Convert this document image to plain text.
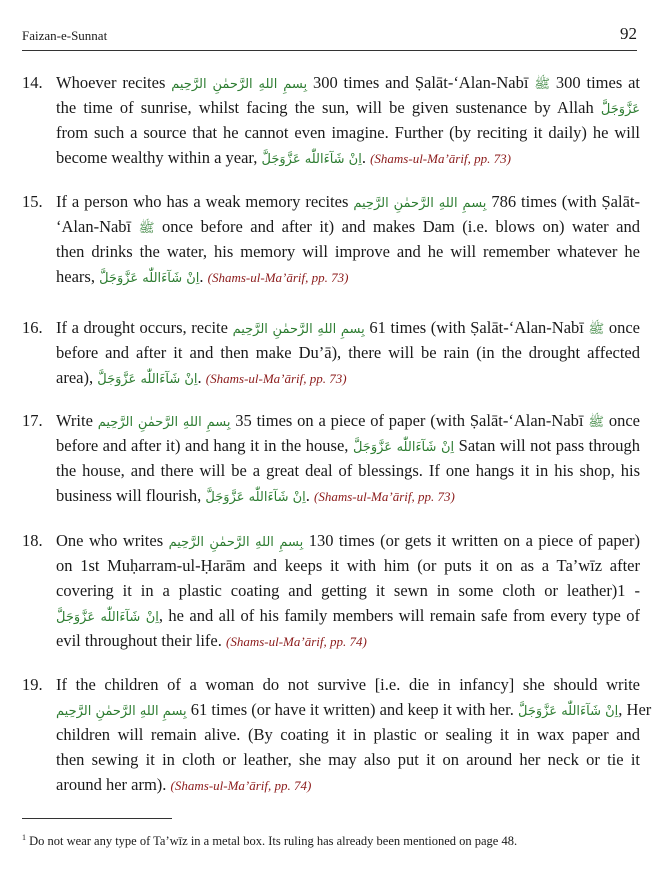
Faizan-e-Sunnat	92
14. Whoever recites بِسمِ اللهِ الرَّحمٰنِ الرَّحِيم 300 times and Ṣalāt-‘Alan-Nabī ﷺ 300 times at
the time of sunrise, whilst facing the sun, will be given sustenance by Allah عَزَّوَجَلَّ
from such a source that he cannot even imagine. Further (by reciting it daily) he will
become wealthy within a year, اِنْ شَآءَاللّٰه عَزَّوَجَلَّ. (Shams-ul-Ma’ārif, pp. 73)
15. If a person who has a weak memory recites بِسمِ اللهِ الرَّحمٰنِ الرَّحِيم 786 times (with Ṣalāt-
‘Alan-Nabī ﷺ once before and after it) and makes Dam (i.e. blows on) water and
then drinks the water, his memory will improve and he will remember whatever he
hears, اِنْ شَآءَاللّٰه عَزَّوَجَلَّ. (Shams-ul-Ma’ārif, pp. 73)
16. If a drought occurs, recite بِسمِ اللهِ الرَّحمٰنِ الرَّحِيم 61 times (with Ṣalāt-‘Alan-Nabī ﷺ once
before and after it and then make Du’ā), there will be rain (in the drought affected
area), اِنْ شَآءَاللّٰه عَزَّوَجَلَّ. (Shams-ul-Ma’ārif, pp. 73)
17. Write بِسمِ اللهِ الرَّحمٰنِ الرَّحِيم 35 times on a piece of paper (with Ṣalāt-‘Alan-Nabī ﷺ once
before and after it) and hang it in the house, اِنْ شَآءَاللّٰه عَزَّوَجَلَّ Satan will not pass through
the house, and there will be a great deal of blessings. If one hangs it in his shop, his
business will flourish, اِنْ شَآءَاللّٰه عَزَّوَجَلَّ. (Shams-ul-Ma’ārif, pp. 73)
18. One who writes بِسمِ اللهِ الرَّحمٰنِ الرَّحِيم 130 times (or gets it written on a piece of paper)
on 1st Muḥarram-ul-Ḥarām and keeps it with him (or puts it on as a Ta’wīz after
covering it in a plastic coating and getting it sewn in some cloth or leather)1 -
اِنْ شَآءَاللّٰه عَزَّوَجَلَّ, he and all of his family members will remain safe from every type of
evil throughout their life. (Shams-ul-Ma’ārif, pp. 74)
19. If the children of a woman do not survive [i.e. die in infancy] she should write
بِسمِ اللهِ الرَّحمٰنِ الرَّحِيم 61 times (or have it written) and keep it with her. اِنْ شَآءَاللّٰه عَزَّوَجَلَّ, Her
children will remain alive. (By coating it in plastic or sealing it in wax paper and
then sewing it in cloth or leather, she may also put it on around her neck or tie it
around her arm). (Shams-ul-Ma’ārif, pp. 74)
$^1$ Do not wear any type of Ta’wīz in a metal box. Its ruling has already been mentioned on page 48.
